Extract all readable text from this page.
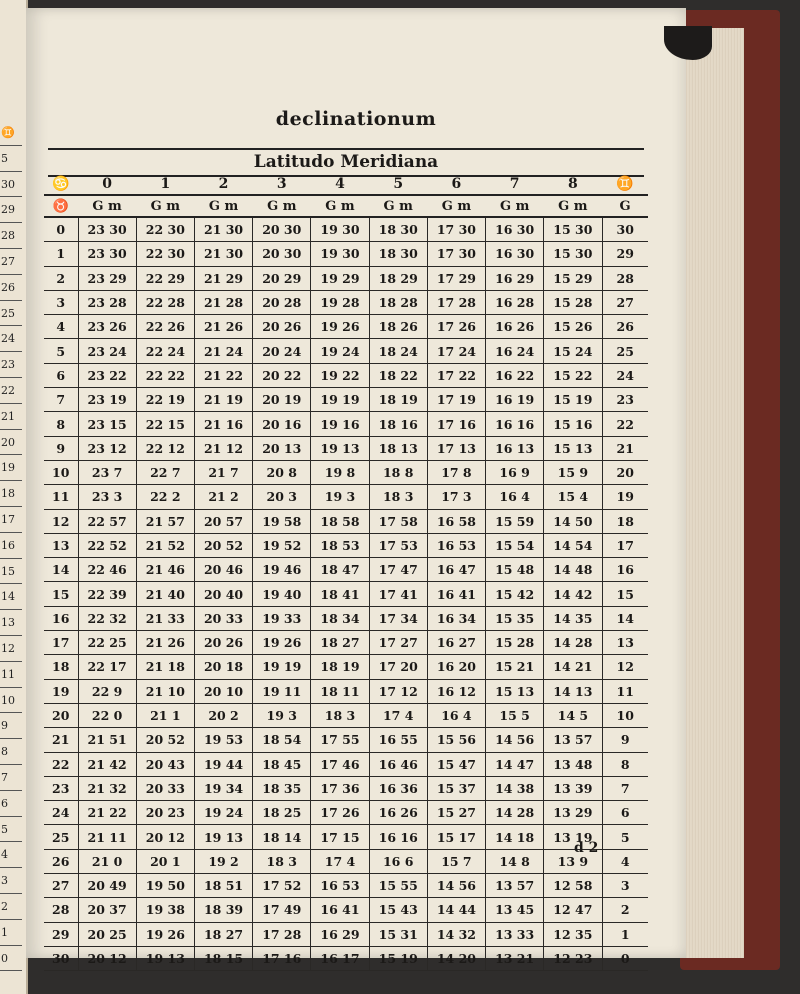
♊
5
30
29
28
27
26
25
24
23
22
21
20
19
18
17
16
15
14
13
12
11
10
9
8
7
6
5
4
3
2
1
0
declinationum
Latitudo Meridiana
♋	0	1	2	3	4	5	6	7	8	♊
♉	G m	G m	G m	G m	G m	G m	G m	G m	G m	G
0	23 30	22 30	21 30	20 30	19 30	18 30	17 30	16 30	15 30	30
1	23 30	22 30	21 30	20 30	19 30	18 30	17 30	16 30	15 30	29
2	23 29	22 29	21 29	20 29	19 29	18 29	17 29	16 29	15 29	28
3	23 28	22 28	21 28	20 28	19 28	18 28	17 28	16 28	15 28	27
4	23 26	22 26	21 26	20 26	19 26	18 26	17 26	16 26	15 26	26
5	23 24	22 24	21 24	20 24	19 24	18 24	17 24	16 24	15 24	25
6	23 22	22 22	21 22	20 22	19 22	18 22	17 22	16 22	15 22	24
7	23 19	22 19	21 19	20 19	19 19	18 19	17 19	16 19	15 19	23
8	23 15	22 15	21 16	20 16	19 16	18 16	17 16	16 16	15 16	22
9	23 12	22 12	21 12	20 13	19 13	18 13	17 13	16 13	15 13	21
10	23 7	22 7	21 7	20 8	19 8	18 8	17 8	16 9	15 9	20
11	23 3	22 2	21 2	20 3	19 3	18 3	17 3	16 4	15 4	19
12	22 57	21 57	20 57	19 58	18 58	17 58	16 58	15 59	14 50	18
13	22 52	21 52	20 52	19 52	18 53	17 53	16 53	15 54	14 54	17
14	22 46	21 46	20 46	19 46	18 47	17 47	16 47	15 48	14 48	16
15	22 39	21 40	20 40	19 40	18 41	17 41	16 41	15 42	14 42	15
16	22 32	21 33	20 33	19 33	18 34	17 34	16 34	15 35	14 35	14
17	22 25	21 26	20 26	19 26	18 27	17 27	16 27	15 28	14 28	13
18	22 17	21 18	20 18	19 19	18 19	17 20	16 20	15 21	14 21	12
19	22 9	21 10	20 10	19 11	18 11	17 12	16 12	15 13	14 13	11
20	22 0	21 1	20 2	19 3	18 3	17 4	16 4	15 5	14 5	10
21	21 51	20 52	19 53	18 54	17 55	16 55	15 56	14 56	13 57	9
22	21 42	20 43	19 44	18 45	17 46	16 46	15 47	14 47	13 48	8
23	21 32	20 33	19 34	18 35	17 36	16 36	15 37	14 38	13 39	7
24	21 22	20 23	19 24	18 25	17 26	16 26	15 27	14 28	13 29	6
25	21 11	20 12	19 13	18 14	17 15	16 16	15 17	14 18	13 19	5
26	21 0	20 1	19 2	18 3	17 4	16 6	15 7	14 8	13 9	4
27	20 49	19 50	18 51	17 52	16 53	15 55	14 56	13 57	12 58	3
28	20 37	19 38	18 39	17 49	16 41	15 43	14 44	13 45	12 47	2
29	20 25	19 26	18 27	17 28	16 29	15 31	14 32	13 33	12 35	1
30	20 12	19 13	18 15	17 16	16 17	15 19	14 20	13 21	12 23	0
d 2
